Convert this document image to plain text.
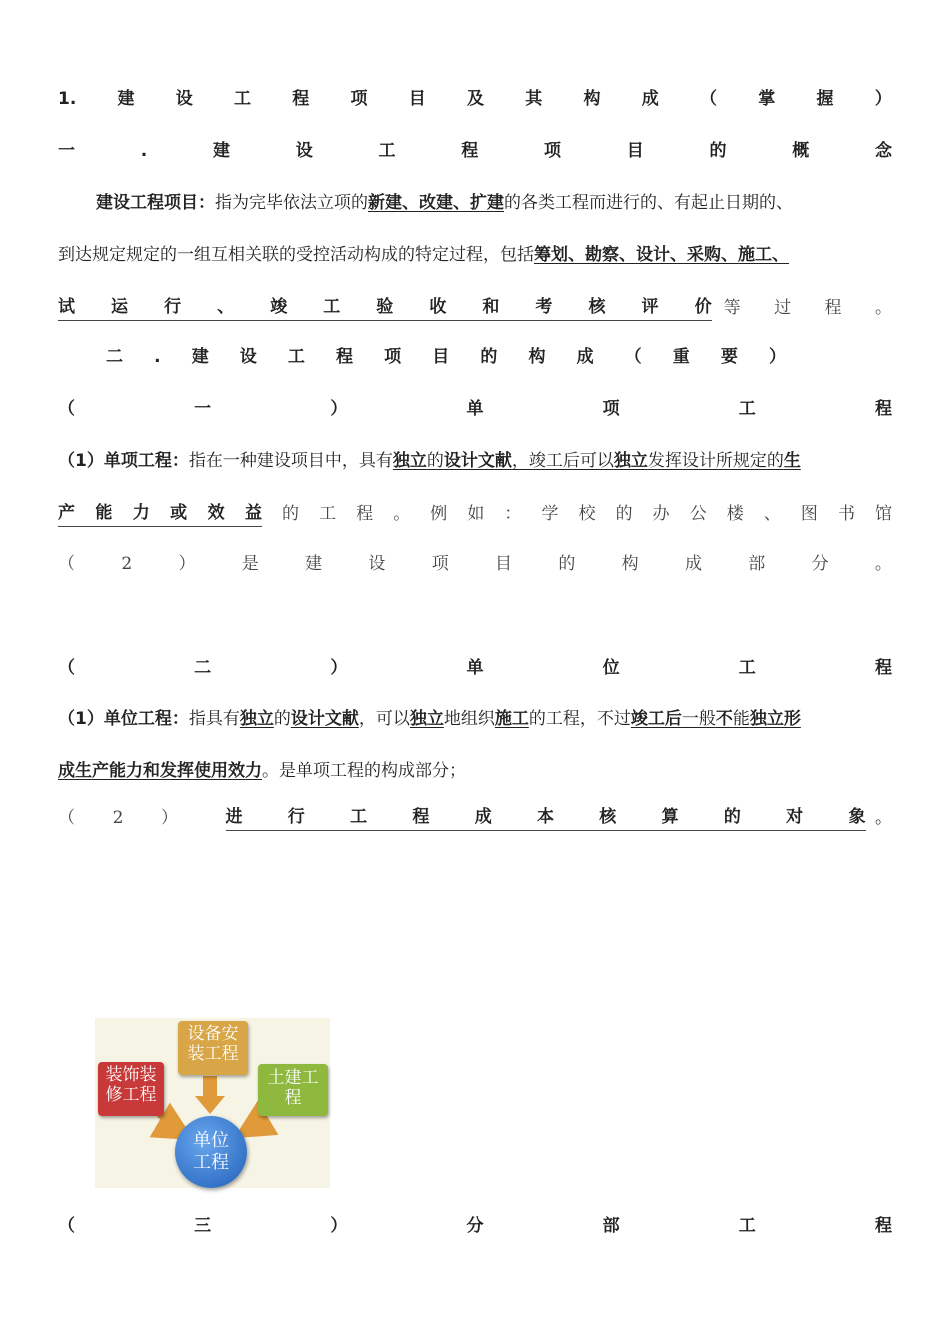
1. 建 设 工 程 项 目 及 其 构 成 （ 掌 握 ）
一	.	建	设	工	程	项	目	的	概	念
建设工程项目：指为完毕依法立项的新建、改建、扩建的各类工程而进行的、有起止日期的、
到达规定规定的一组互相关联的受控活动构成的特定过程，包括筹划、勘察、设计、采购、施工、
试 运 行 、 竣 工 验 收 和 考 核 评 价 等 过 程 。
二 . 建 设 工 程 项 目 的 构 成 （ 重 要 ）
（	一	）	单	项	工	程
（1）单项工程：指在一种建设项目中，具有独立的设计文献，竣工后可以独立发挥设计所规定的生
产 能 力 或 效 益 的 工 程 。 例 如 ： 学 校 的 办 公 楼 、 图 书 馆
（	2	）	是	建	设	项	目	的	构	成	部	分	。
（	二	）	单	位	工	程
（1）单位工程：指具有独立的设计文献，可以独立地组织施工的工程，不过竣工后一般不能独立形
成生产能力和发挥使用效力。是单项工程的构成部分；
（ 2 ）	进	行	工	程	成	本	核	算	的	对	象 。
设备安装工程
装饰装修工程
土建工程
单位工程
（	三	）	分	部	工	程
